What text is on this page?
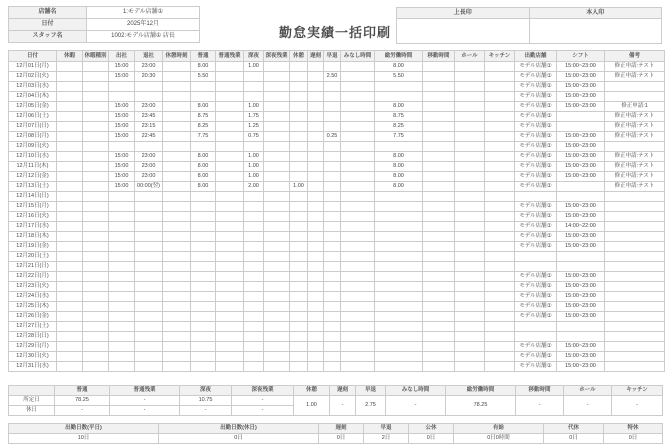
店舗名	1:モデル店舗①
日付	2025年12月
スタッフ名	1002:モデル店舗① 店長	勤怠実績一括印刷
上長印	本人印

日付	休暇	休暇種別	出社	退社	休憩時刻	普通	普通残業	深夜	深夜残業	休憩	遅刻	早退	みなし時間	総労働時間	移動時間	ホール	キッチン	出勤店舗	シフト	備考
12月01日(月)			15:00	23:00		8.00		1.00						8.00				モデル店舗①	15:00~23:00	修正申請:テスト
12月02日(火)			15:00	20:30		5.50						2.50		5.50				モデル店舗①	15:00~23:00	修正申請:テスト
12月03日(水)																		モデル店舗①	15:00~23:00	
12月04日(木)																		モデル店舗①	15:00~23:00	
12月05日(金)			15:00	23:00		8.00		1.00						8.00				モデル店舗①	15:00~23:00	修正申請:1
12月06日(土)			15:00	23:45		8.75		1.75						8.75				モデル店舗①		修正申請:テスト
12月07日(日)			15:00	23:15		8.25		1.25						8.25				モデル店舗①		修正申請:テスト
12月08日(月)			15:00	22:45		7.75		0.75				0.25		7.75				モデル店舗①	15:00~23:00	修正申請:テスト
12月09日(火)																		モデル店舗①	15:00~23:00	
12月10日(水)			15:00	23:00		8.00		1.00						8.00				モデル店舗①	15:00~23:00	修正申請:テスト
12月11日(木)			15:00	23:00		8.00		1.00						8.00				モデル店舗①	15:00~23:00	修正申請:テスト
12月12日(金)			15:00	23:00		8.00		1.00						8.00				モデル店舗①	15:00~23:00	修正申請:テスト
12月13日(土)			15:00	00:00(翌)		8.00		2.00		1.00				8.00				モデル店舗①		修正申請:テスト
12月14日(日)																				
12月15日(月)																		モデル店舗①	15:00~23:00	
12月16日(火)																		モデル店舗①	15:00~23:00	
12月17日(水)																		モデル店舗①	14:00~22:00	
12月18日(木)																		モデル店舗①	15:00~23:00	
12月19日(金)																		モデル店舗①	15:00~23:00	
12月20日(土)																				
12月21日(日)																				
12月22日(月)																		モデル店舗①	15:00~23:00	
12月23日(火)																		モデル店舗①	15:00~23:00	
12月24日(水)																		モデル店舗①	15:00~23:00	
12月25日(木)																		モデル店舗①	15:00~23:00	
12月26日(金)																		モデル店舗①	15:00~23:00	
12月27日(土)																				
12月28日(日)																				
12月29日(月)																		モデル店舗①	15:00~23:00	
12月30日(火)																		モデル店舗①	15:00~23:00	
12月31日(水)																		モデル店舗①	15:00~23:00	
	普通	普通残業	深夜	深夜残業	休憩	遅刻	早退	みなし時間	総労働時間	移動時間	ホール	キッチン
所定日	78.25	-	10.75	-	1.00	-	2.75	-	78.25	-	-	-
休日	-	-	-	-								
出勤日数(平日)	出勤日数(休日)	遅刻	早退	公休	有給	代休	特休
10日	0日	0日	2日	0日	0日0時間	0日	0日
